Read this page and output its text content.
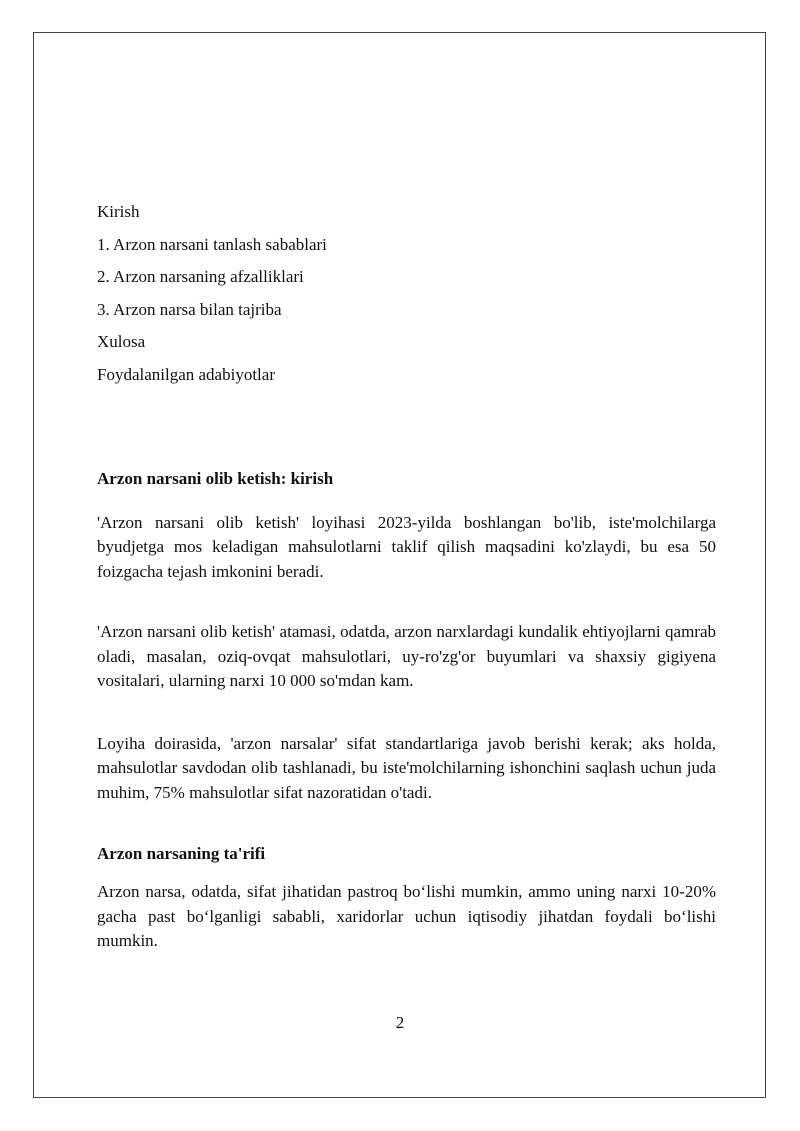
Kirish

1. Arzon narsani tanlash sabablari

2. Arzon narsaning afzalliklari

3. Arzon narsa bilan tajriba

Xulosa

Foydalanilgan adabiyotlar

Arzon narsani olib ketish: kirish

'Arzon narsani olib ketish' loyihasi 2023-yilda boshlangan bo'lib, iste'molchilarga byudjetga mos keladigan mahsulotlarni taklif qilish maqsadini ko'zlaydi, bu esa 50 foizgacha tejash imkonini beradi.

'Arzon narsani olib ketish' atamasi, odatda, arzon narxlardagi kundalik ehtiyojlarni qamrab oladi, masalan, oziq-ovqat mahsulotlari, uy-ro'zg'or buyumlari va shaxsiy gigiyena vositalari, ularning narxi 10 000 so'mdan kam.

Loyiha doirasida, 'arzon narsalar' sifat standartlariga javob berishi kerak; aks holda, mahsulotlar savdodan olib tashlanadi, bu iste'molchilarning ishonchini saqlash uchun juda muhim, 75% mahsulotlar sifat nazoratidan o'tadi.

Arzon narsaning ta'rifi

Arzon narsa, odatda, sifat jihatidan pastroq boʻlishi mumkin, ammo uning narxi 10-20% gacha past boʻlganligi sababli, xaridorlar uchun iqtisodiy jihatdan foydali boʻlishi mumkin.

2
